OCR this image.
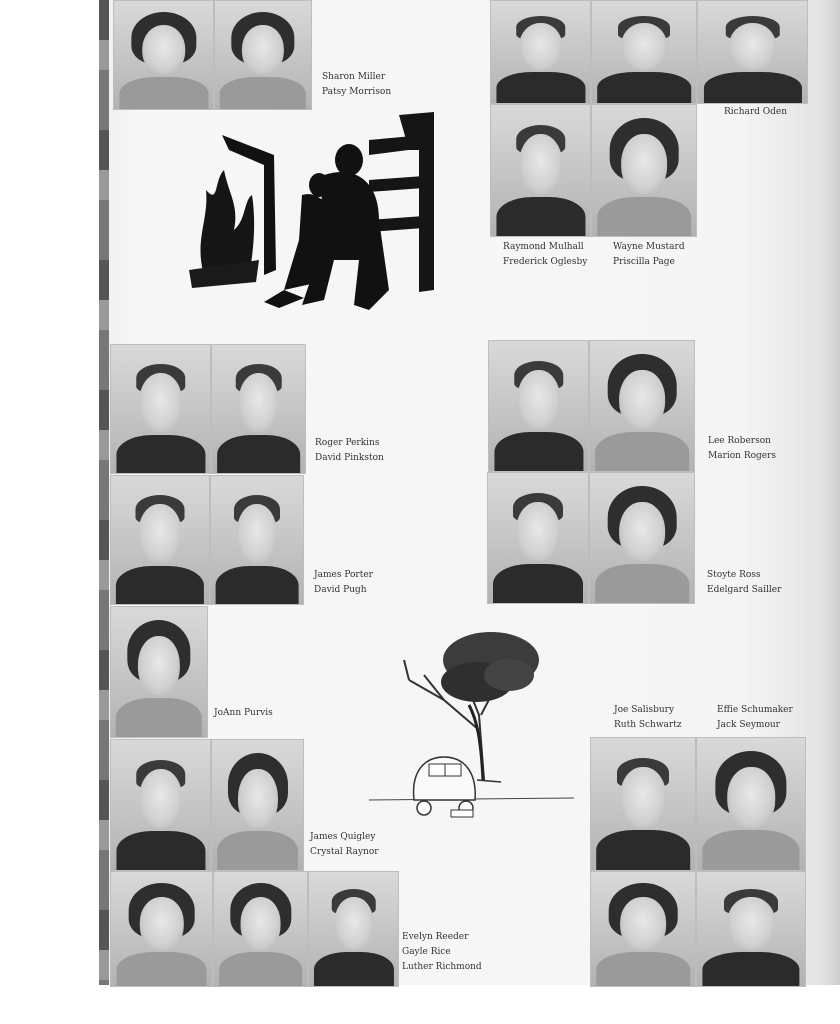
Sharon Miller
Patsy Morrison
Richard Oden
Raymond Mulhall
Frederick Oglesby
Wayne Mustard
Priscilla Page
Roger Perkins
David Pinkston
Lee Roberson
Marion Rogers
James Porter
David Pugh
Stoyte Ross
Edelgard Sailler
JoAnn Purvis	Joe Salisbury
Ruth Schwartz
Effie Schumaker
Jack Seymour
James Quigley
Crystal Raynor
Evelyn Reeder
Gayle Rice
Luther Richmond
